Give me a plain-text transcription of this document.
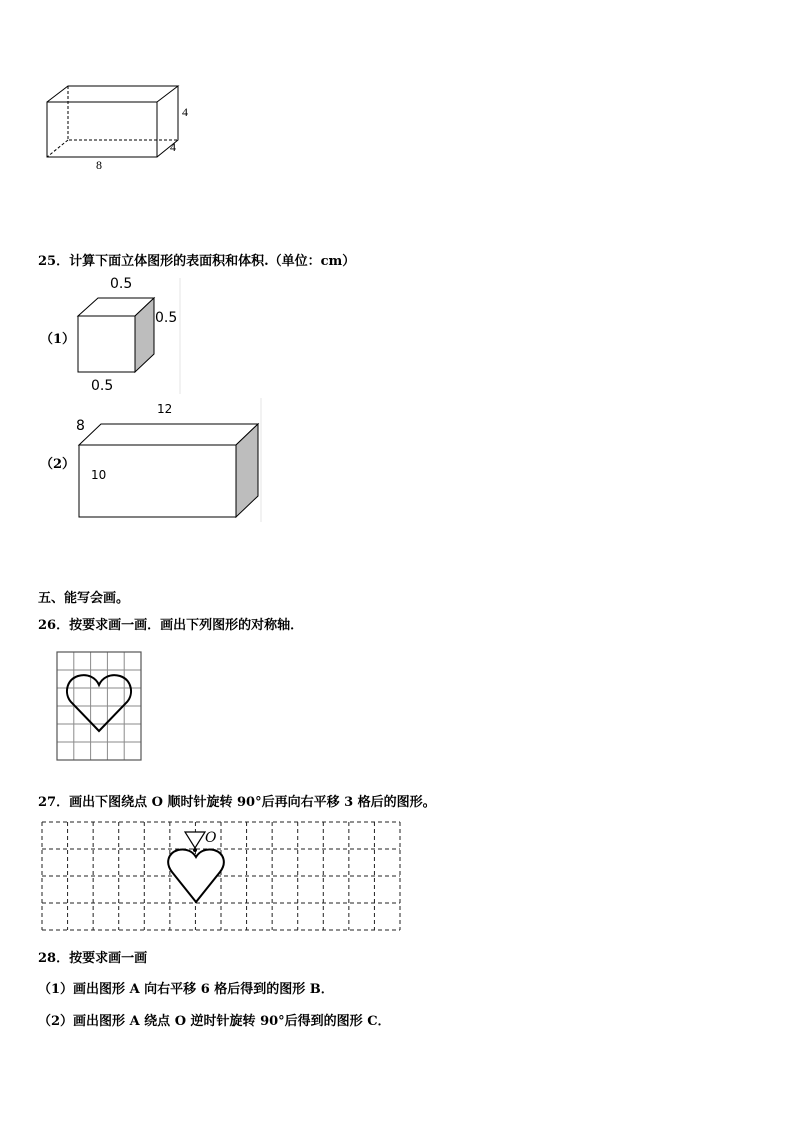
4
4
8
25．计算下面立体图形的表面积和体积.（单位：cm）
（1）
0.5
0.5
0.5
（2）
12
8
10
五、能写会画。
26．按要求画一画．画出下列图形的对称轴．
27．画出下图绕点 O 顺时针旋转 90°后再向右平移 3 格后的图形。
O
28．按要求画一画
（1）画出图形 A 向右平移 6 格后得到的图形 B．
（2）画出图形 A 绕点 O 逆时针旋转 90°后得到的图形 C．
